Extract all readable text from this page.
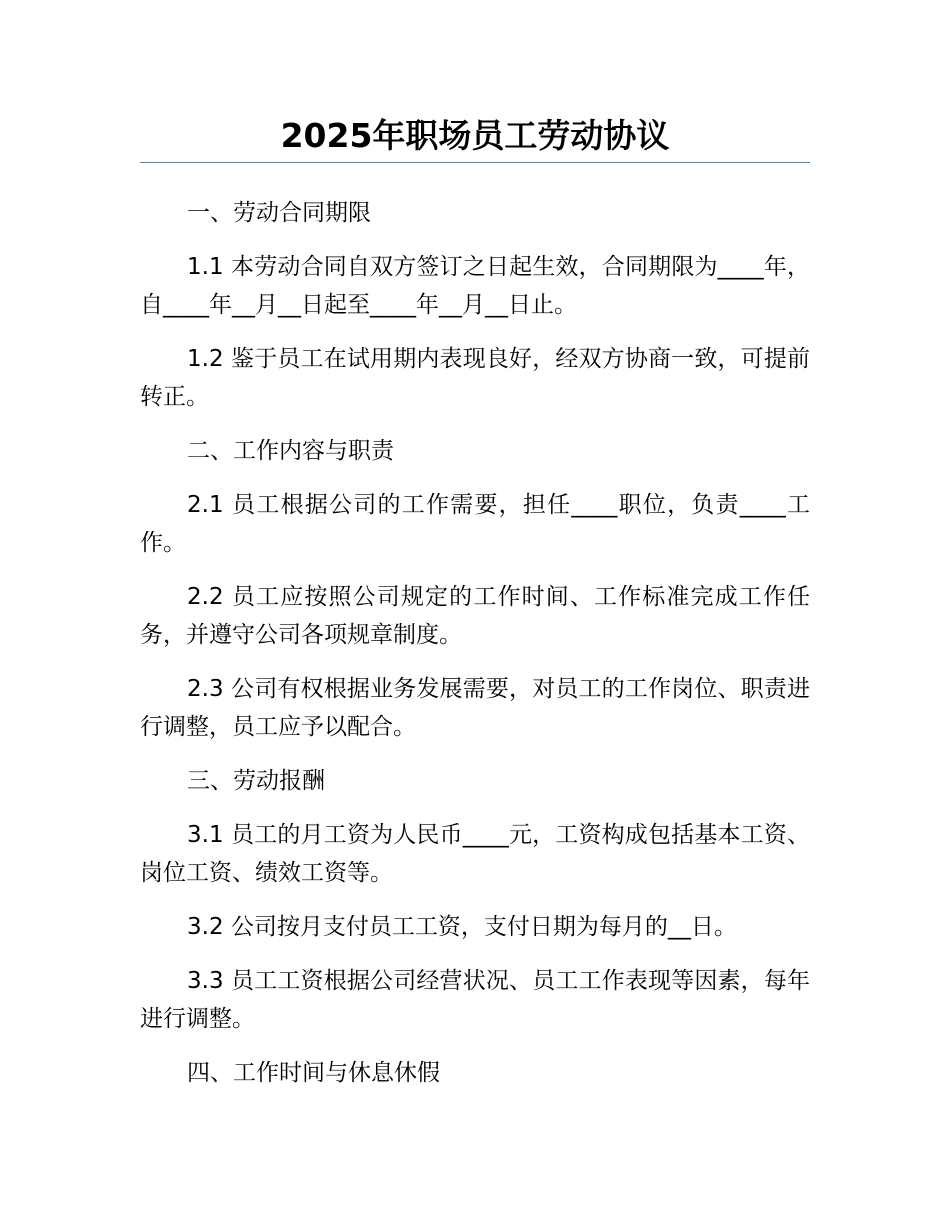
2025年职场员工劳动协议

一、劳动合同期限

1.1 本劳动合同自双方签订之日起生效，合同期限为____年，自____年__月__日起至____年__月__日止。

1.2 鉴于员工在试用期内表现良好，经双方协商一致，可提前转正。

二、工作内容与职责

2.1 员工根据公司的工作需要，担任____职位，负责____工作。

2.2 员工应按照公司规定的工作时间、工作标准完成工作任务，并遵守公司各项规章制度。

2.3 公司有权根据业务发展需要，对员工的工作岗位、职责进行调整，员工应予以配合。

三、劳动报酬

3.1 员工的月工资为人民币____元，工资构成包括基本工资、岗位工资、绩效工资等。

3.2 公司按月支付员工工资，支付日期为每月的__日。

3.3 员工工资根据公司经营状况、员工工作表现等因素，每年进行调整。

四、工作时间与休息休假
